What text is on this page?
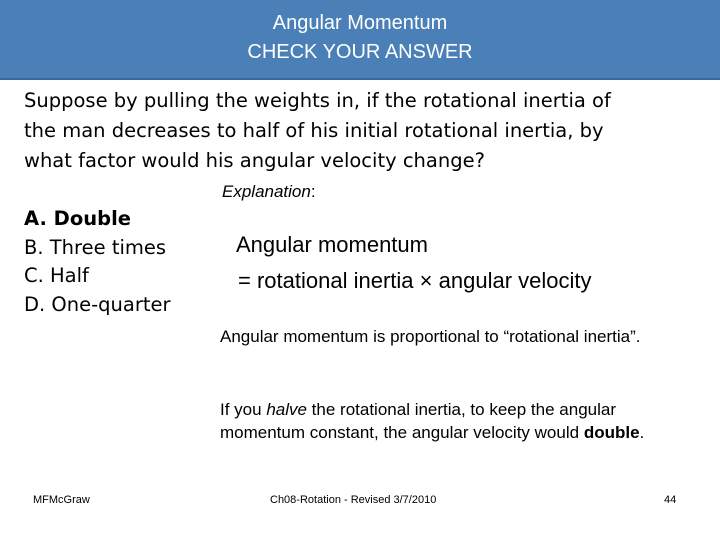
Angular Momentum
CHECK YOUR ANSWER
Suppose by pulling the weights in, if the rotational inertia of
the man decreases to half of his initial rotational inertia, by
what factor would his angular velocity change?
Explanation:
A. Double
B. Three times
C. Half
D. One-quarter
Angular momentum
= rotational inertia × angular velocity
Angular momentum is proportional to “rotational inertia”.
If you halve the rotational inertia, to keep the angular momentum constant, the angular velocity would double.
MFMcGraw	Ch08-Rotation - Revised 3/7/2010	44
